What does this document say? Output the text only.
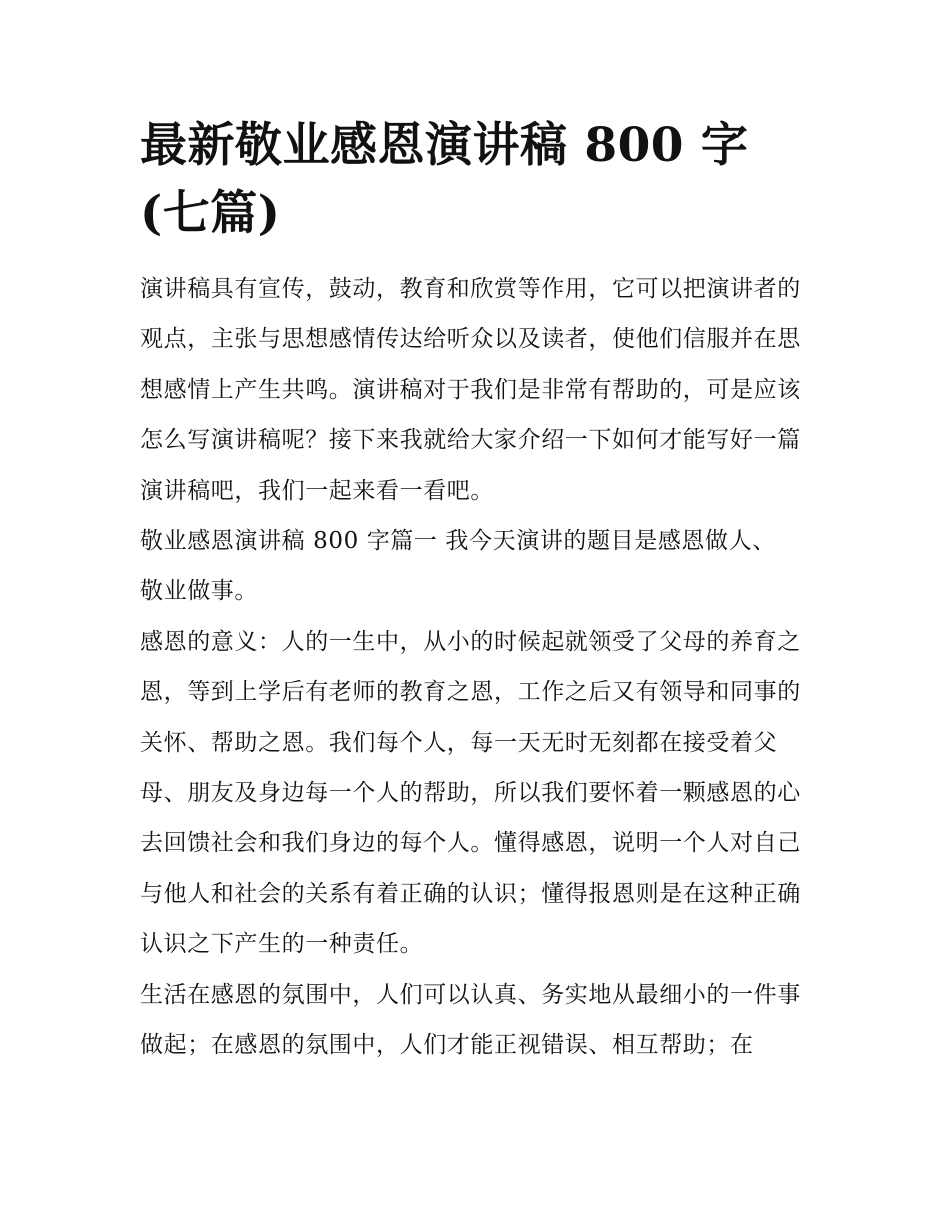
最新敬业感恩演讲稿 800 字(七篇)

演讲稿具有宣传，鼓动，教育和欣赏等作用，它可以把演讲者的观点，主张与思想感情传达给听众以及读者，使他们信服并在思想感情上产生共鸣。演讲稿对于我们是非常有帮助的，可是应该怎么写演讲稿呢？接下来我就给大家介绍一下如何才能写好一篇演讲稿吧，我们一起来看一看吧。

敬业感恩演讲稿 800 字篇一 我今天演讲的题目是感恩做人、
敬业做事。

感恩的意义：人的一生中，从小的时候起就领受了父母的养育之恩，等到上学后有老师的教育之恩，工作之后又有领导和同事的关怀、帮助之恩。我们每个人，每一天无时无刻都在接受着父母、朋友及身边每一个人的帮助，所以我们要怀着一颗感恩的心去回馈社会和我们身边的每个人。懂得感恩，说明一个人对自己与他人和社会的关系有着正确的认识；懂得报恩则是在这种正确认识之下产生的一种责任。

生活在感恩的氛围中，人们可以认真、务实地从最细小的一件事做起；在感恩的氛围中，人们才能正视错误、相互帮助；在
